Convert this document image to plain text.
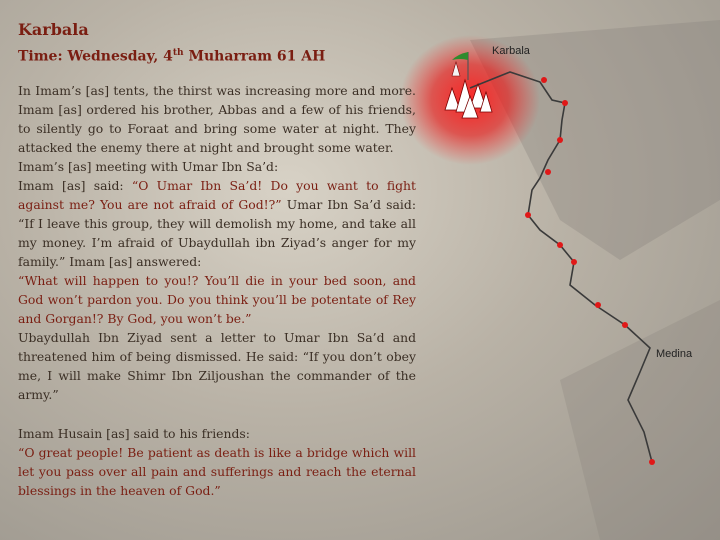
Karbala
Medina
Karbala
Time: Wednesday, 4th Muharram 61 AH
In Imam’s [as] tents, the thirst was increasing more and more. Imam [as] ordered his brother, Abbas and a few of his friends, to silently go to Foraat and bring some water at night. They attacked the enemy there at night and brought some water.
Imam’s [as] meeting with Umar Ibn Sa’d:
Imam [as] said: “O Umar Ibn Sa’d! Do you want to fight against me? You are not afraid of God!?” Umar Ibn Sa’d said: “If I leave this group, they will demolish my home, and take all my money. I’m afraid of Ubaydullah ibn Ziyad’s anger for my family.” Imam [as] answered:
“What will happen to you!? You’ll die in your bed soon, and God won’t pardon you. Do you think you’ll be potentate of Rey and Gorgan!? By God, you won’t be.”
Ubaydullah Ibn Ziyad sent a letter to Umar Ibn Sa’d and threatened him of being dismissed. He said: “If you don’t obey me, I will make Shimr Ibn Ziljoushan the commander of the army.”
Imam Husain [as] said to his friends:
“O great people! Be patient as death is like a bridge which will let you pass over all pain and sufferings and reach the eternal blessings in the heaven of God.”
